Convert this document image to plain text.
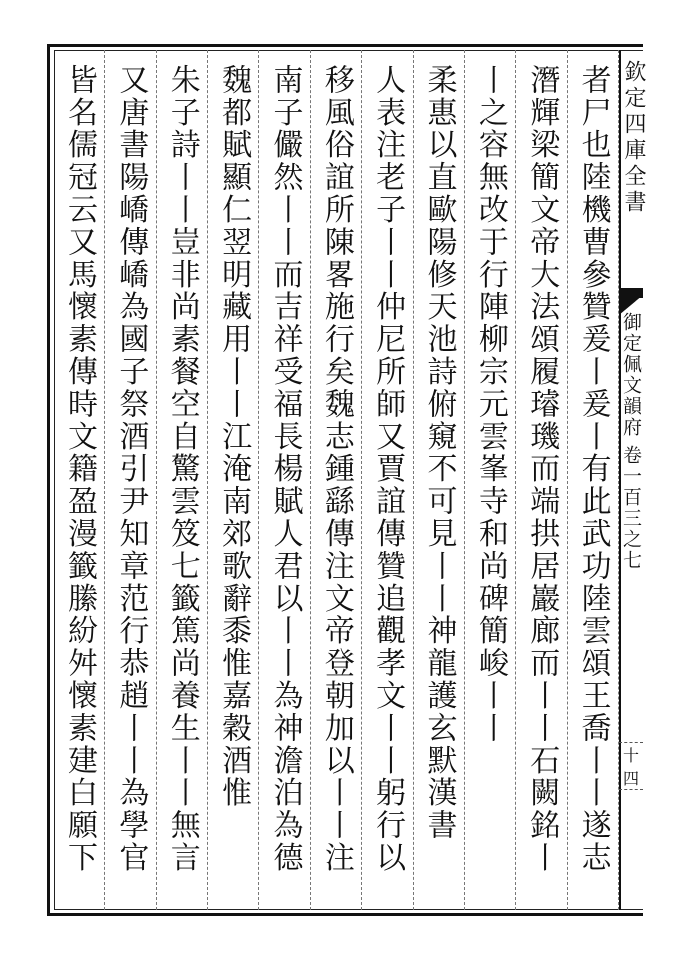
者尸也陸機曹參贊爰丨爰丨有此武功陸雲頌王喬丨丨遂志
潛輝梁簡文帝大法頌履璿璣而端拱居巖廊而丨丨石闕銘丨
丨之容無改于行陣柳宗元雲峯寺和尚碑簡峻丨丨
柔惠以直歐陽修天池詩俯窺不可見丨丨神龍護玄默漢書
人表注老子丨丨仲尼所師又賈誼傳贊追觀孝文丨丨躬行以
移風俗誼所陳畧施行矣魏志鍾繇傳注文帝登朝加以丨丨注
南子儼然丨丨而吉祥受福長楊賦人君以丨丨為神澹泊為德
魏都賦顯仁翌明藏用丨丨江淹南郊歌辭黍惟嘉穀酒惟
朱子詩丨丨豈非尚素餐空自驚雲笈七籤篤尚養生丨丨無言
又唐書陽嶠傳嶠為國子祭酒引尹知章范行恭趙丨丨為學官
皆名儒冠云又馬懷素傳時文籍盈漫籤縢紛舛懷素建白願下	欽定四庫全書
御定佩文韻府
卷一百三之七
十四
